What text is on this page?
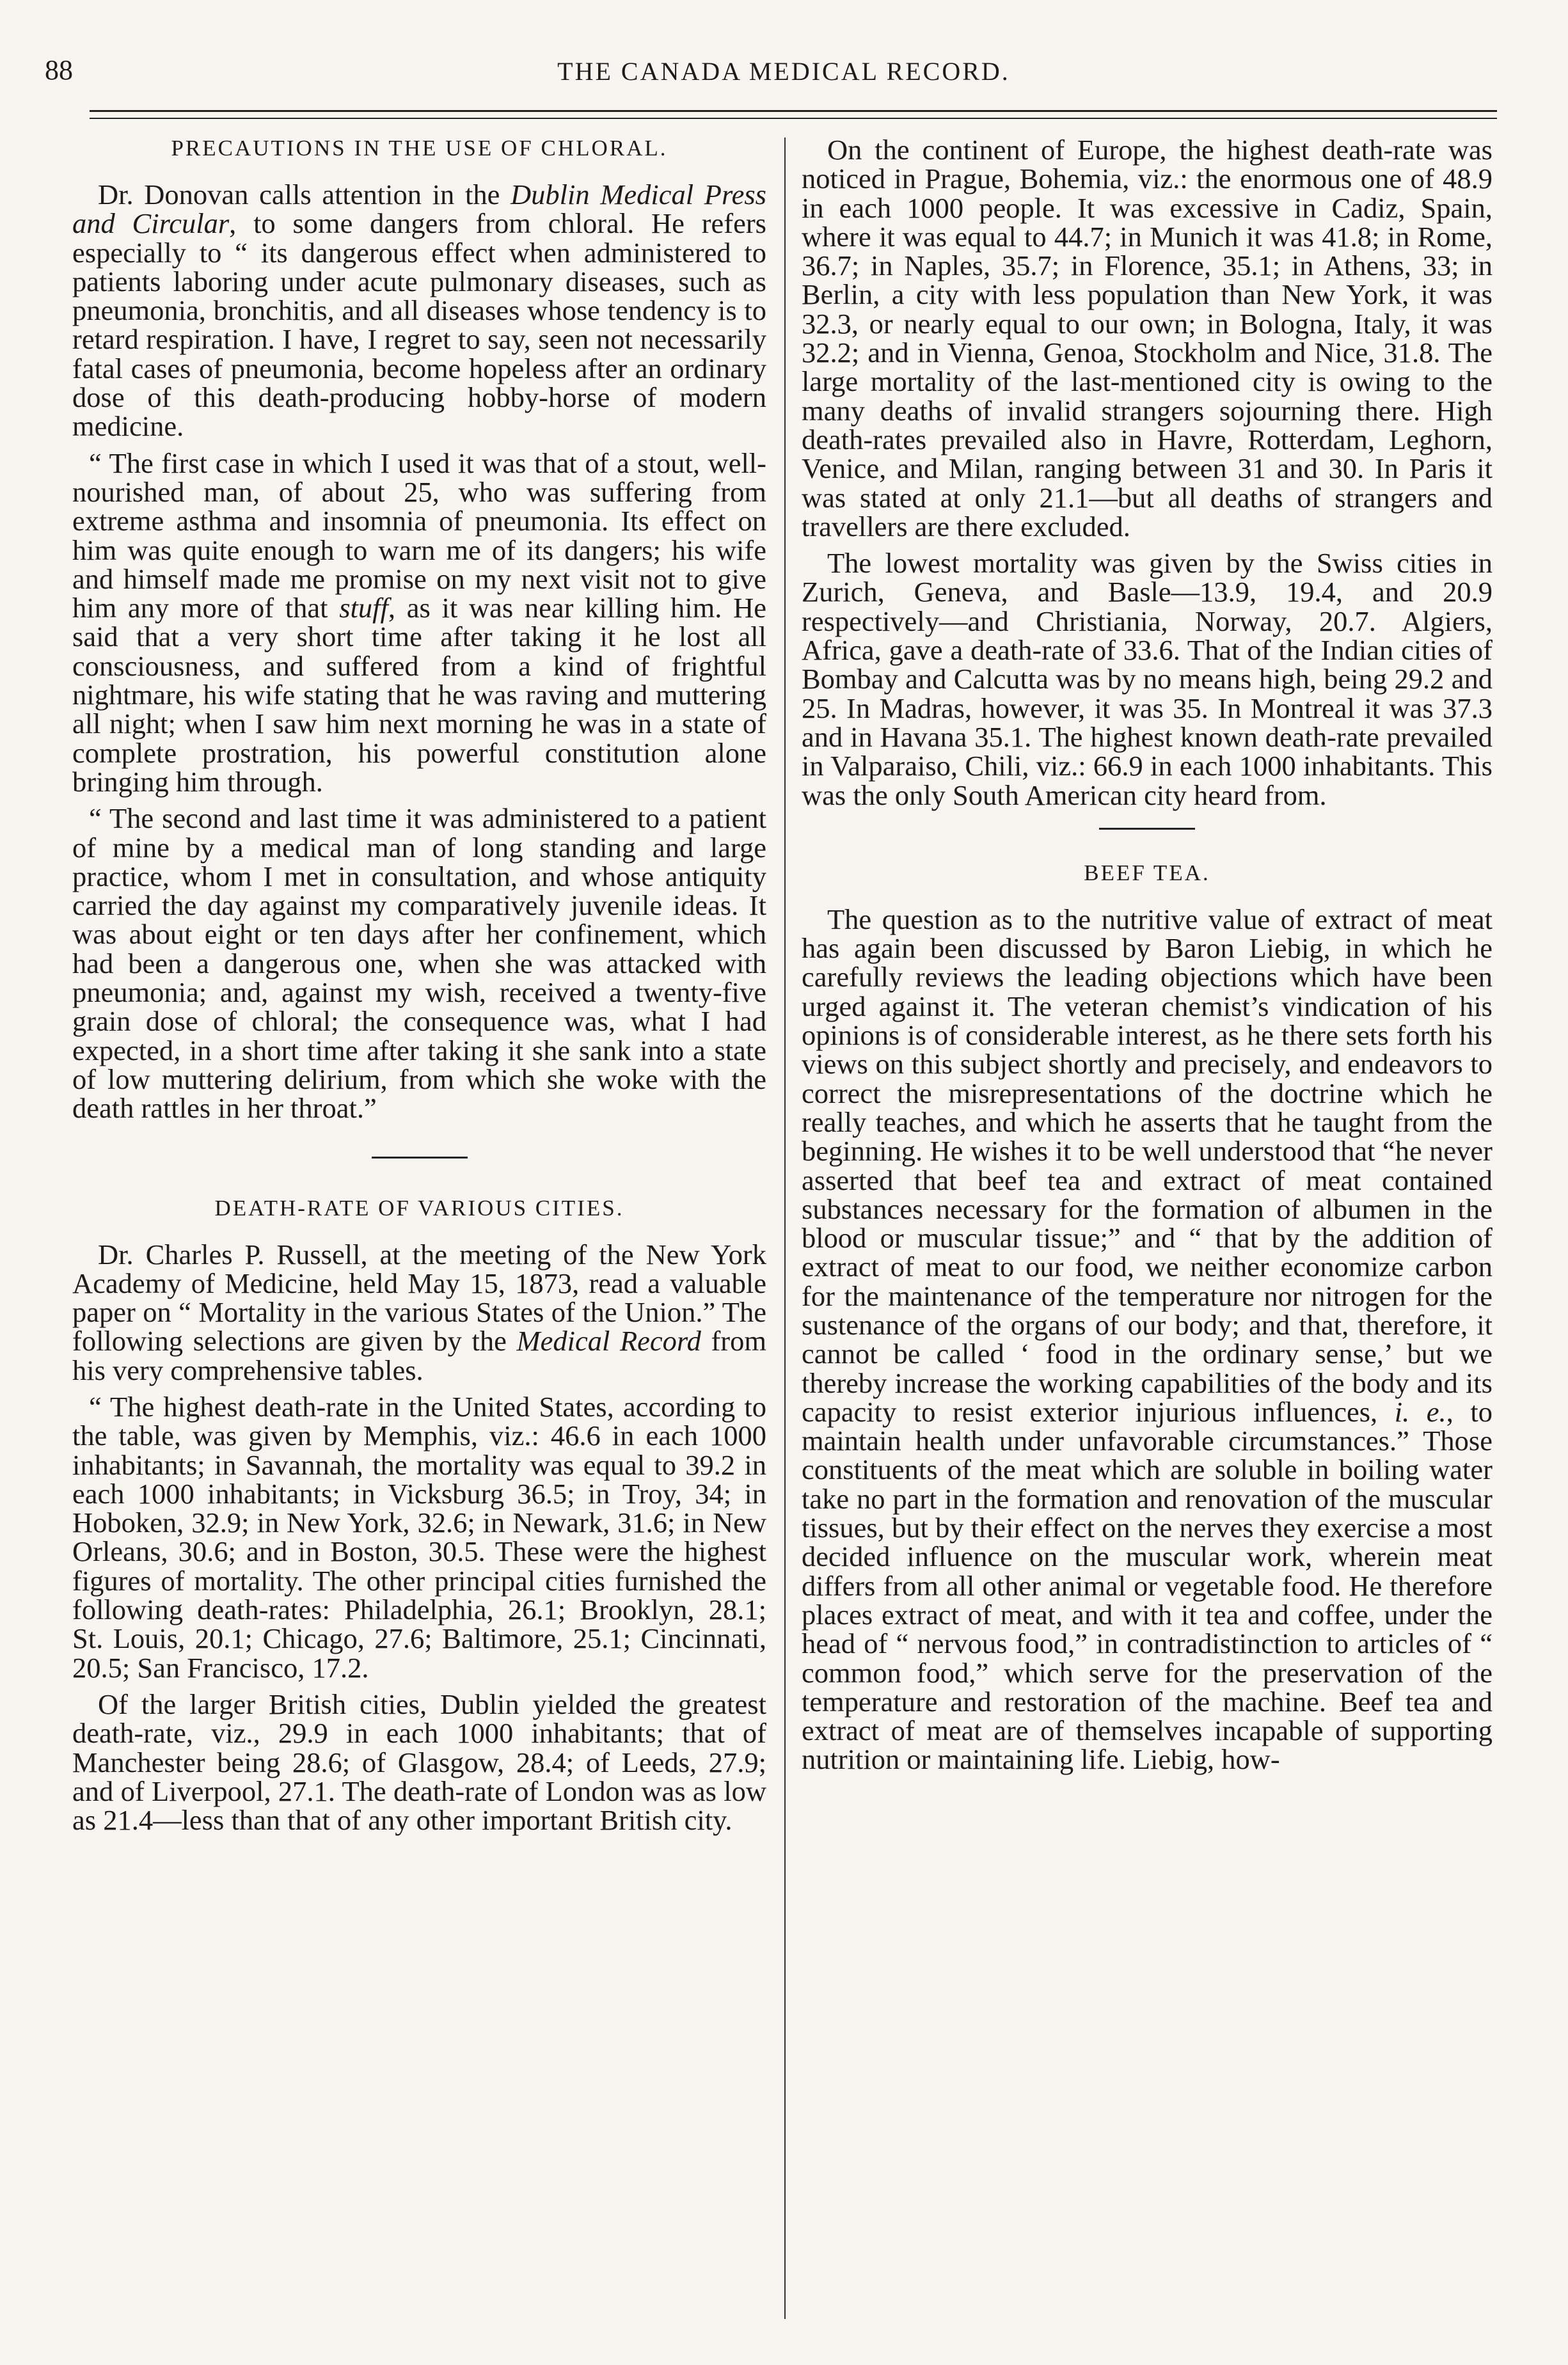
88	THE CANADA MEDICAL RECORD.
PRECAUTIONS IN THE USE OF CHLORAL.

Dr. Donovan calls attention in the Dublin Medical Press and Circular, to some dangers from chloral. He refers especially to “ its dangerous effect when administered to patients laboring under acute pulmonary diseases, such as pneumonia, bronchitis, and all diseases whose tendency is to retard respiration. I have, I regret to say, seen not necessarily fatal cases of pneumonia, become hopeless after an ordinary dose of this death-producing hobby-horse of modern medicine.

“ The first case in which I used it was that of a stout, well-nourished man, of about 25, who was suffering from extreme asthma and insomnia of pneumonia. Its effect on him was quite enough to warn me of its dangers; his wife and himself made me promise on my next visit not to give him any more of that stuff, as it was near killing him. He said that a very short time after taking it he lost all consciousness, and suffered from a kind of frightful nightmare, his wife stating that he was raving and muttering all night; when I saw him next morning he was in a state of complete prostration, his powerful constitution alone bringing him through.

“ The second and last time it was administered to a patient of mine by a medical man of long standing and large practice, whom I met in consultation, and whose antiquity carried the day against my comparatively juvenile ideas. It was about eight or ten days after her confinement, which had been a dangerous one, when she was attacked with pneumonia; and, against my wish, received a twenty-five grain dose of chloral; the consequence was, what I had expected, in a short time after taking it she sank into a state of low muttering delirium, from which she woke with the death rattles in her throat.”

DEATH-RATE OF VARIOUS CITIES.

Dr. Charles P. Russell, at the meeting of the New York Academy of Medicine, held May 15, 1873, read a valuable paper on “ Mortality in the various States of the Union.” The following selections are given by the Medical Record from his very comprehensive tables.

“ The highest death-rate in the United States, according to the table, was given by Memphis, viz.: 46.6 in each 1000 inhabitants; in Savannah, the mortality was equal to 39.2 in each 1000 inhabitants; in Vicksburg 36.5; in Troy, 34; in Hoboken, 32.9; in New York, 32.6; in Newark, 31.6; in New Orleans, 30.6; and in Boston, 30.5. These were the highest figures of mortality. The other principal cities furnished the following death-rates: Philadelphia, 26.1; Brooklyn, 28.1; St. Louis, 20.1; Chicago, 27.6; Baltimore, 25.1; Cincinnati, 20.5; San Francisco, 17.2.

Of the larger British cities, Dublin yielded the greatest death-rate, viz., 29.9 in each 1000 inhabitants; that of Manchester being 28.6; of Glasgow, 28.4; of Leeds, 27.9; and of Liverpool, 27.1. The death-rate of London was as low as 21.4—less than that of any other important British city.

On the continent of Europe, the highest death-rate was noticed in Prague, Bohemia, viz.: the enormous one of 48.9 in each 1000 people. It was excessive in Cadiz, Spain, where it was equal to 44.7; in Munich it was 41.8; in Rome, 36.7; in Naples, 35.7; in Florence, 35.1; in Athens, 33; in Berlin, a city with less population than New York, it was 32.3, or nearly equal to our own; in Bologna, Italy, it was 32.2; and in Vienna, Genoa, Stockholm and Nice, 31.8. The large mortality of the last-mentioned city is owing to the many deaths of invalid strangers sojourning there. High death-rates prevailed also in Havre, Rotterdam, Leghorn, Venice, and Milan, ranging between 31 and 30. In Paris it was stated at only 21.1—but all deaths of strangers and travellers are there excluded.

The lowest mortality was given by the Swiss cities in Zurich, Geneva, and Basle—13.9, 19.4, and 20.9 respectively—and Christiania, Norway, 20.7. Algiers, Africa, gave a death-rate of 33.6. That of the Indian cities of Bombay and Calcutta was by no means high, being 29.2 and 25. In Madras, however, it was 35. In Montreal it was 37.3 and in Havana 35.1. The highest known death-rate prevailed in Valparaiso, Chili, viz.: 66.9 in each 1000 inhabitants. This was the only South American city heard from.

BEEF TEA.

The question as to the nutritive value of extract of meat has again been discussed by Baron Liebig, in which he carefully reviews the leading objections which have been urged against it. The veteran chemist’s vindication of his opinions is of considerable interest, as he there sets forth his views on this subject shortly and precisely, and endeavors to correct the misrepresentations of the doctrine which he really teaches, and which he asserts that he taught from the beginning. He wishes it to be well understood that “he never asserted that beef tea and extract of meat contained substances necessary for the formation of albumen in the blood or muscular tissue;” and “ that by the addition of extract of meat to our food, we neither economize carbon for the maintenance of the temperature nor nitrogen for the sustenance of the organs of our body; and that, therefore, it cannot be called ‘ food in the ordinary sense,’ but we thereby increase the working capabilities of the body and its capacity to resist exterior injurious influences, i. e., to maintain health under unfavorable circumstances.” Those constituents of the meat which are soluble in boiling water take no part in the formation and renovation of the muscular tissues, but by their effect on the nerves they exercise a most decided influence on the muscular work, wherein meat differs from all other animal or vegetable food. He therefore places extract of meat, and with it tea and coffee, under the head of “ nervous food,” in contradistinction to articles of “ common food,” which serve for the preservation of the temperature and restoration of the machine. Beef tea and extract of meat are of themselves incapable of supporting nutrition or maintaining life. Liebig, how-
